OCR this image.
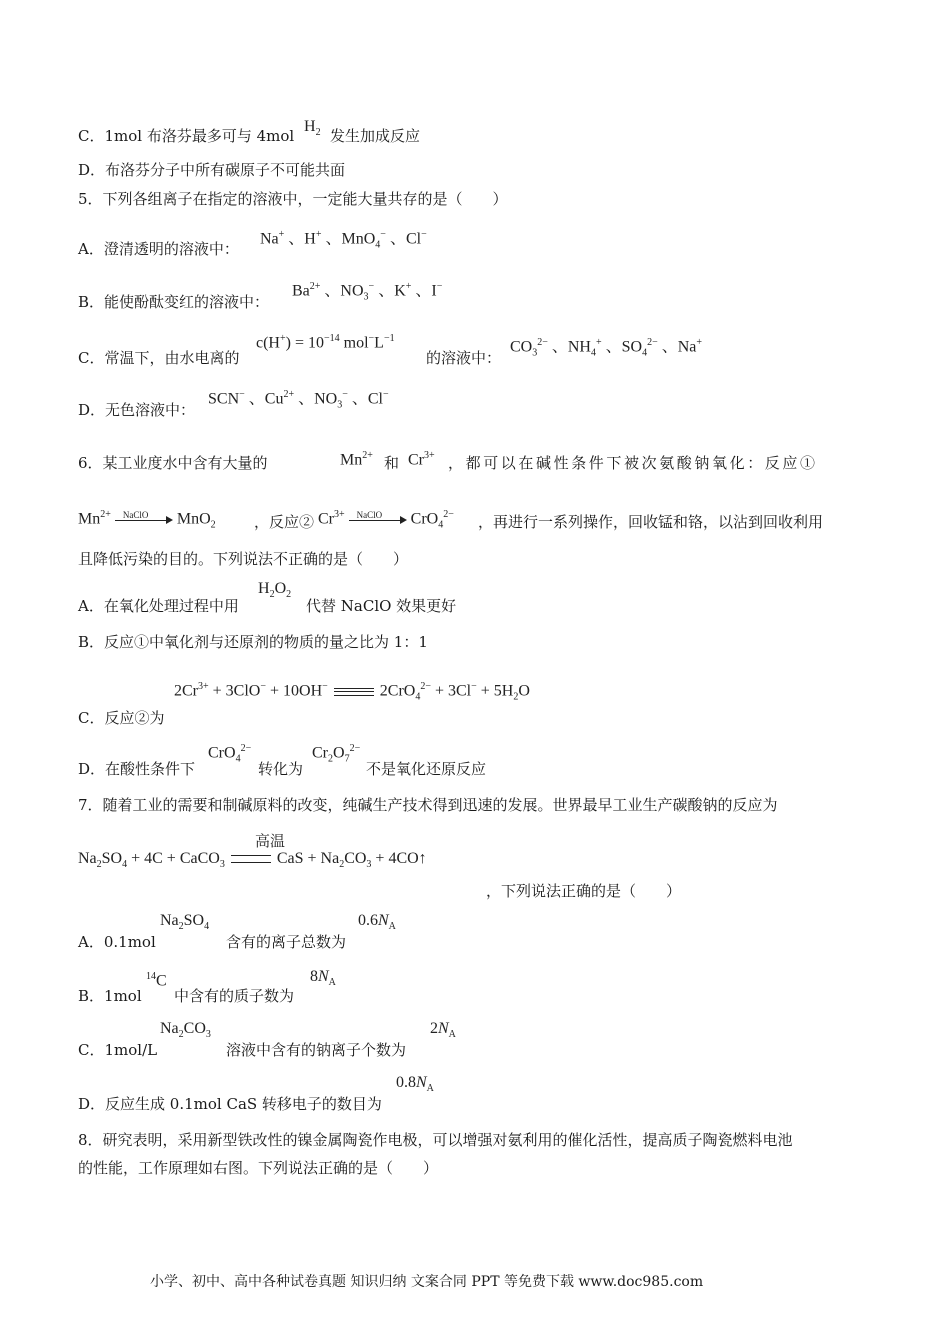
C．1mol 布洛芬最多可与 4mol
$H_2$ 发生加成反应
D．布洛芬分子中所有碳原子不可能共面
5．下列各组离子在指定的溶液中，一定能大量共存的是（　　）
A．澄清透明的溶液中：
Na+ 、H+ 、MnO$_4$− 、Cl−
B．能使酚酞变红的溶液中：
$Ba^{2+}$ 、$NO_3^-$ 、K+ 、I−
C．常温下，由水电离的
$c(H^+) = 10^{-14}$ $mol^-L^{-1}$
的溶液中：
$CO_3^{2-}$ 、$NH_4^+$ 、$SO_4^{2-}$ 、Na+
D．无色溶液中：
SCN− 、$Cu^{2+}$ 、$NO_3^-$ 、Cl−
6．某工业度水中含有大量的	$Mn^{2+}$ 和 $Cr^{3+}$ ，都可以在碱性条件下被次氨酸钠氧化：反应①
$Mn^{2+}$ NaClO MnO$_2$	，反应② $Cr^{3+}$ NaClO CrO$_4^{2-}$ ，再进行一系列操作，回收锰和铬，以沾到回收利用
且降低污染的目的。下列说法不正确的是（　　）
A．在氧化处理过程中用
$H_2O_2$
代替 NaClO 效果更好
B．反应①中氧化剂与还原剂的物质的量之比为 1：1
$2Cr^{3+} + 3ClO^- + 10OH^-$	$2CrO_4^{2-} + 3Cl^- + 5H_2O$
C．反应②为
D．在酸性条件下
CrO$_4^{2-}$
转化为
$Cr_2O_7^{2-}$
不是氧化还原反应
7．随着工业的需要和制碱原料的改变，纯碱生产技术得到迅速的发展。世界最早工业生产碳酸钠的反应为
高温
$Na_2SO_4 + 4C$ + CaCO$_3$	CaS + $Na_2CO_3$ + 4CO↑
，下列说法正确的是（　　）
A．0.1mol
$Na_2SO_4$
含有的离子总数为
$0.6N_A$
B．1mol
$^{14}$C
中含有的质子数为
$8N_A$
C．1mol/L
$Na_2CO_3$
溶液中含有的钠离子个数为
$2N_A$
D．反应生成 0.1mol CaS 转移电子的数目为
$0.8N_A$
8．研究表明，采用新型铁改性的镍金属陶瓷作电极，可以增强对氨利用的催化活性，提高质子陶瓷燃料电池
的性能，工作原理如右图。下列说法正确的是（　　）
小学、初中、高中各种试卷真题 知识归纳 文案合同 PPT 等免费下载 www.doc985.com
